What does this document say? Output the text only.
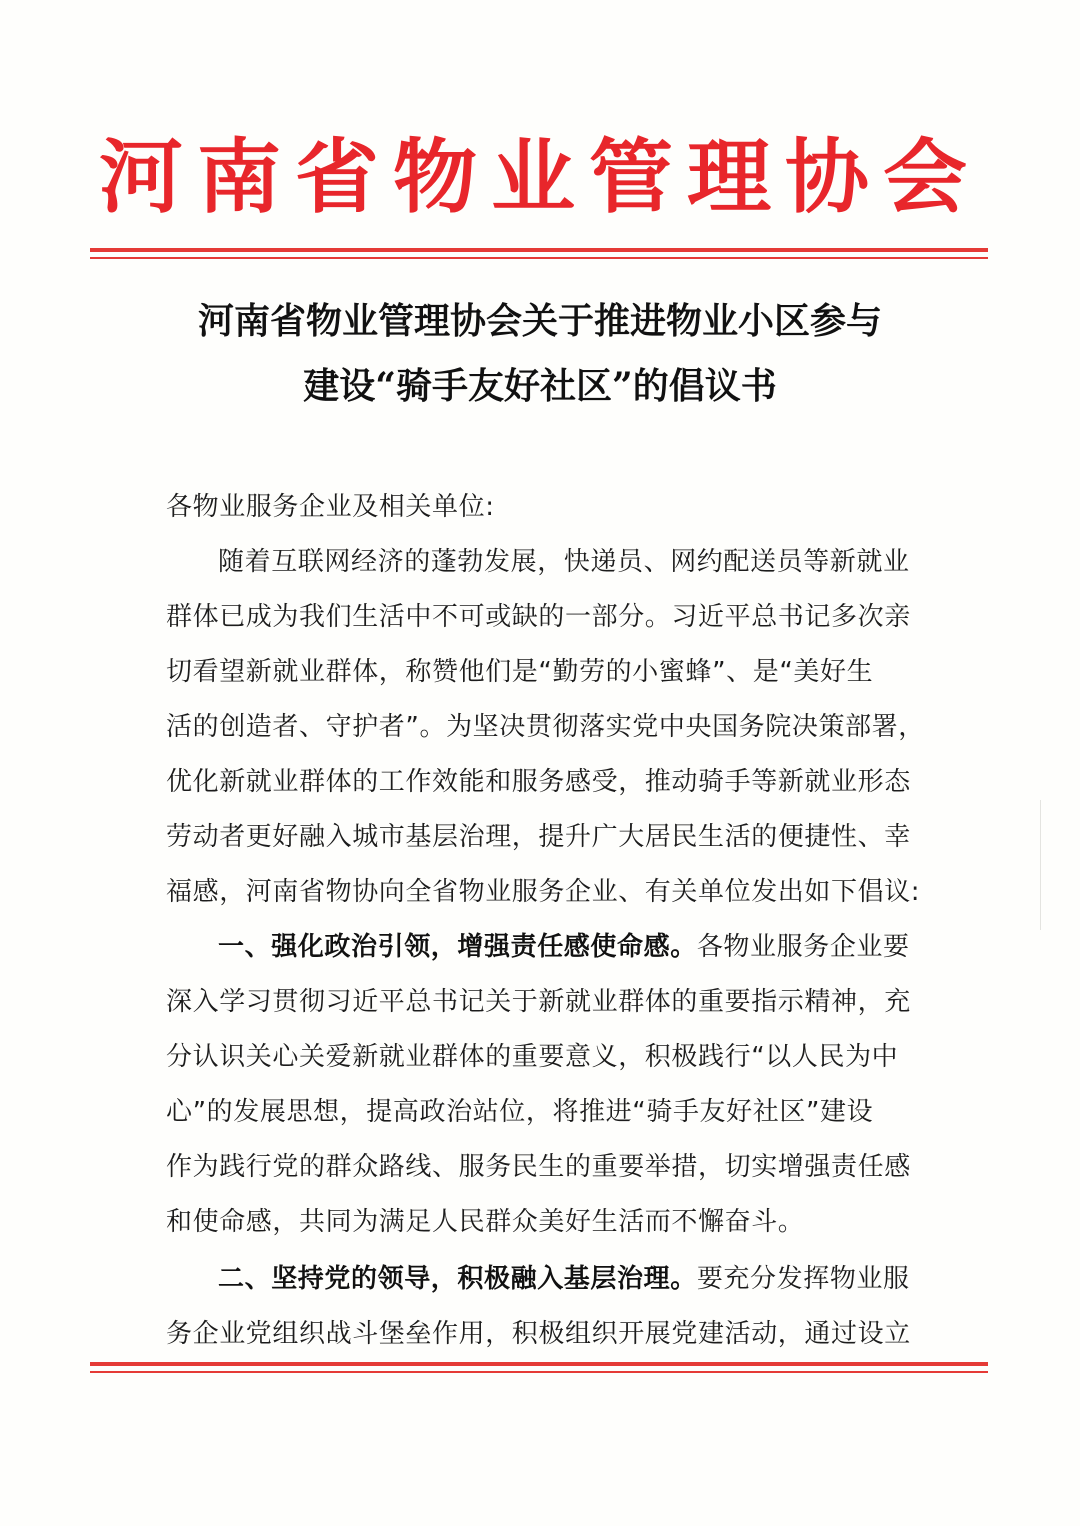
河南省物业管理协会
河南省物业管理协会关于推进物业小区参与
建设“骑手友好社区”的倡议书
各物业服务企业及相关单位:
随着互联网经济的蓬勃发展，快递员、网约配送员等新就业
群体已成为我们生活中不可或缺的一部分。习近平总书记多次亲
切看望新就业群体，称赞他们是“勤劳的小蜜蜂”、是“美好生
活的创造者、守护者”。为坚决贯彻落实党中央国务院决策部署，
优化新就业群体的工作效能和服务感受，推动骑手等新就业形态
劳动者更好融入城市基层治理，提升广大居民生活的便捷性、幸
福感，河南省物协向全省物业服务企业、有关单位发出如下倡议:
一、强化政治引领，增强责任感使命感。各物业服务企业要
深入学习贯彻习近平总书记关于新就业群体的重要指示精神，充
分认识关心关爱新就业群体的重要意义，积极践行“以人民为中
心”的发展思想，提高政治站位，将推进“骑手友好社区”建设
作为践行党的群众路线、服务民生的重要举措，切实增强责任感
和使命感，共同为满足人民群众美好生活而不懈奋斗。
二、坚持党的领导，积极融入基层治理。要充分发挥物业服
务企业党组织战斗堡垒作用，积极组织开展党建活动，通过设立
